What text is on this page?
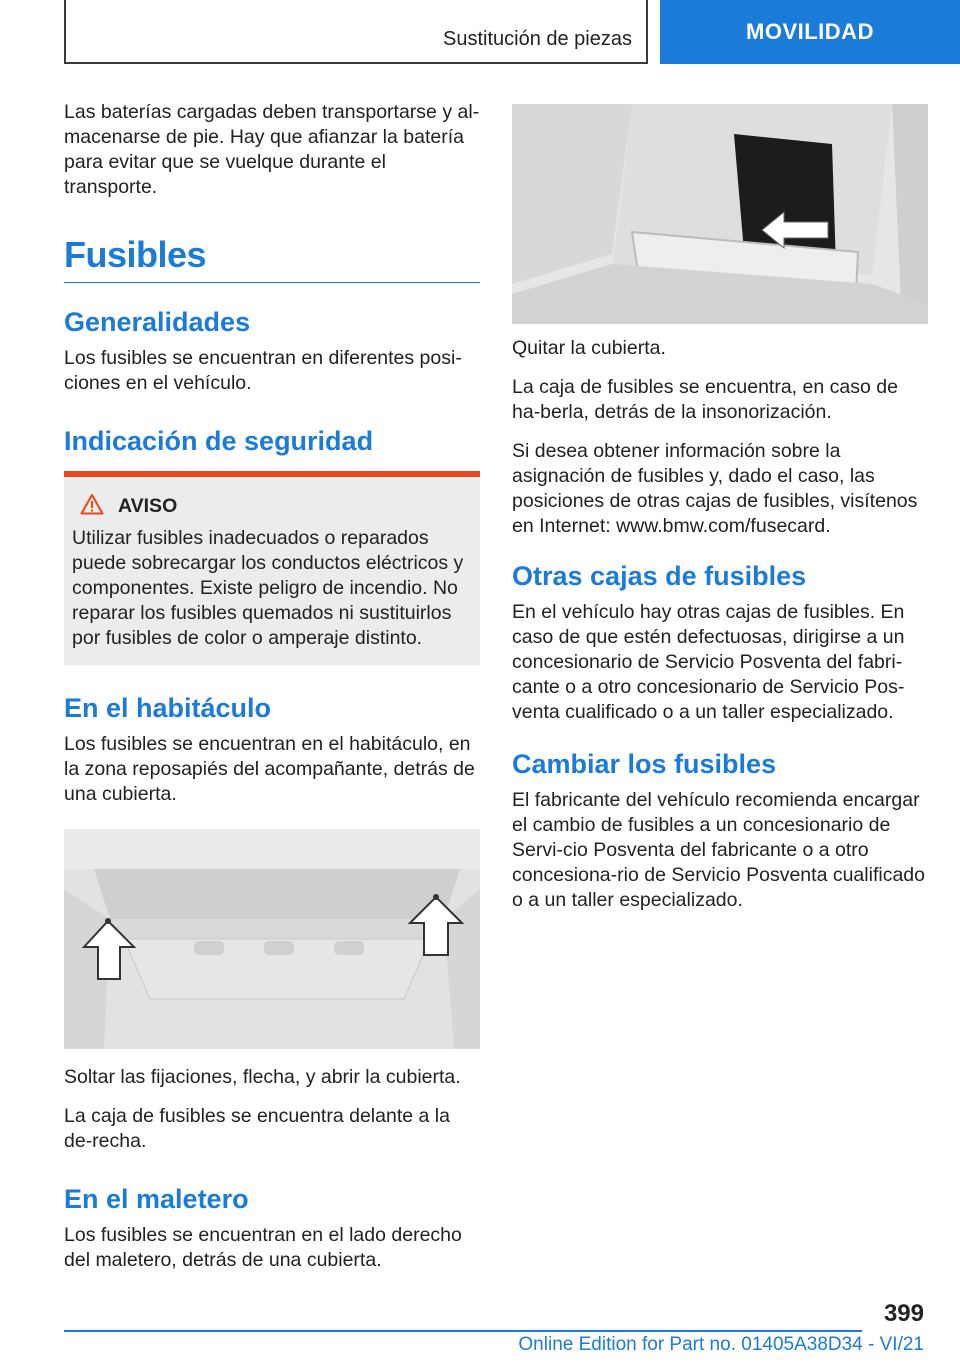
Sustitución de piezas	MOVILIDAD

Las baterías cargadas deben transportarse y al-macenarse de pie. Hay que afianzar la batería para evitar que se vuelque durante el transporte.

Fusibles
Generalidades

Los fusibles se encuentran en diferentes posi-ciones en el vehículo.

Indicación de seguridad
AVISO

Utilizar fusibles inadecuados o reparados puede sobrecargar los conductos eléctricos y componentes. Existe peligro de incendio. No reparar los fusibles quemados ni sustituirlos por fusibles de color o amperaje distinto.

En el habitáculo

Los fusibles se encuentran en el habitáculo, en la zona reposapiés del acompañante, detrás de una cubierta.

Soltar las fijaciones, flecha, y abrir la cubierta.

La caja de fusibles se encuentra delante a la de-recha.

En el maletero

Los fusibles se encuentran en el lado derecho del maletero, detrás de una cubierta.

Quitar la cubierta.

La caja de fusibles se encuentra, en caso de ha-berla, detrás de la insonorización.

Si desea obtener información sobre la asignación de fusibles y, dado el caso, las posiciones de otras cajas de fusibles, visítenos en Internet: www.bmw.com/fusecard.

Otras cajas de fusibles

En el vehículo hay otras cajas de fusibles. En caso de que estén defectuosas, dirigirse a un concesionario de Servicio Posventa del fabri-cante o a otro concesionario de Servicio Pos-venta cualificado o a un taller especializado.

Cambiar los fusibles

El fabricante del vehículo recomienda encargar el cambio de fusibles a un concesionario de Servi-cio Posventa del fabricante o a otro concesiona-rio de Servicio Posventa cualificado o a un taller especializado.

399
Online Edition for Part no. 01405A38D34 - VI/21
